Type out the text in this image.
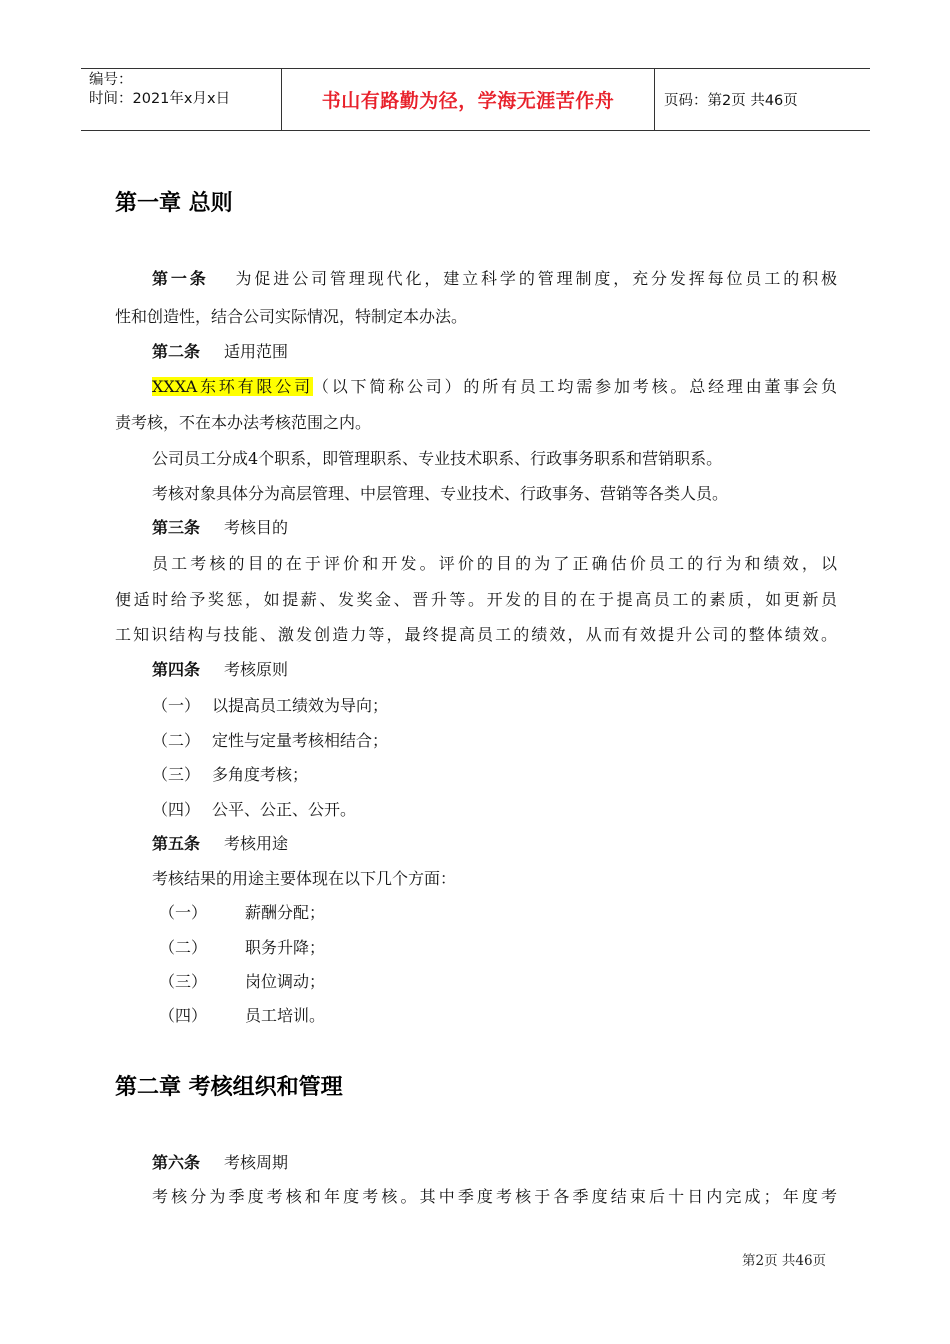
编号：
时间：2021年x月x日	书山有路勤为径，学海无涯苦作舟	页码：第2页 共46页
第一章 总则
第一条 为促进公司管理现代化，建立科学的管理制度，充分发挥每位员工的积极
性和创造性，结合公司实际情况，特制定本办法。
第二条 适用范围
XXXA东环有限公司（以下简称公司）的所有员工均需参加考核。总经理由董事会负
责考核，不在本办法考核范围之内。
公司员工分成4个职系，即管理职系、专业技术职系、行政事务职系和营销职系。
考核对象具体分为高层管理、中层管理、专业技术、行政事务、营销等各类人员。
第三条 考核目的
员工考核的目的在于评价和开发。评价的目的为了正确估价员工的行为和绩效，以
便适时给予奖惩，如提薪、发奖金、晋升等。开发的目的在于提高员工的素质，如更新员
工知识结构与技能、激发创造力等，最终提高员工的绩效，从而有效提升公司的整体绩效。
第四条 考核原则
（一） 以提高员工绩效为导向；
（二） 定性与定量考核相结合；
（三） 多角度考核；
（四） 公平、公正、公开。
第五条 考核用途
考核结果的用途主要体现在以下几个方面：
（一） 薪酬分配；
（二） 职务升降；
（三） 岗位调动；
（四） 员工培训。
第二章 考核组织和管理
第六条 考核周期
考核分为季度考核和年度考核。其中季度考核于各季度结束后十日内完成；年度考
第2页 共46页
